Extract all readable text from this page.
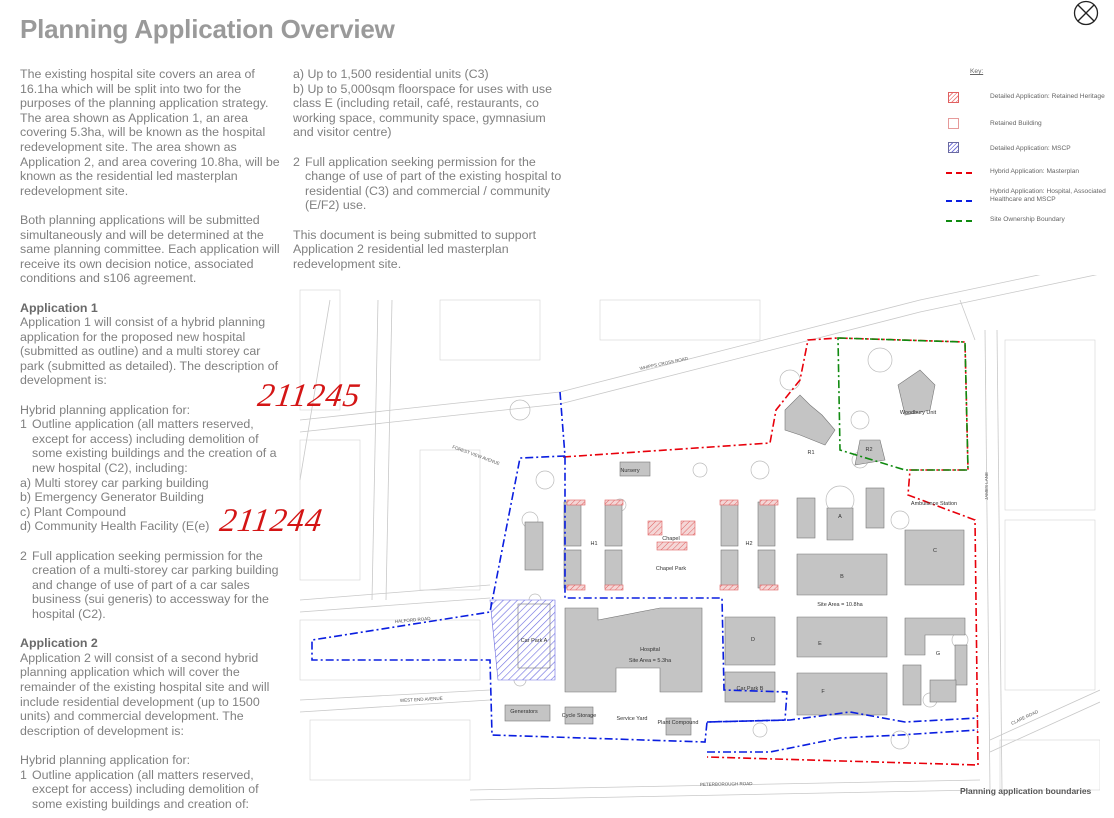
Planning Application Overview

The existing hospital site covers an area of 16.1ha which will be split into two for the purposes of the planning application strategy. The area shown as Application 1, an area covering 5.3ha, will be known as the hospital redevelopment site. The area shown as Application 2, and area covering 10.8ha, will be known as the residential led masterplan redevelopment site.

Both planning applications will be submitted simultaneously and will be determined at the same planning committee. Each application will receive its own decision notice, associated conditions and s106 agreement.

Application 1

Application 1 will consist of a hybrid planning application for the proposed new hospital (submitted as outline) and a multi storey car park (submitted as detailed). The description of development is:

Hybrid planning application for:
1 Outline application (all matters reserved, except for access) including demolition of some existing buildings and the creation of a new hospital (C2), including:
a) Multi storey car parking building
b) Emergency Generator Building
c) Plant Compound
d) Community Health Facility (E(e)
2 Full application seeking permission for the creation of a multi-storey car parking building and change of use of part of a car sales business (sui generis) to accessway for the hospital (C2).
Application 2

Application 2 will consist of a second hybrid planning application which will cover the remainder of the existing hospital site and will include residential development (up to 1500 units) and commercial development. The description of development is:

Hybrid planning application for:
1 Outline application (all matters reserved, except for access) including demolition of some existing buildings and creation of:
a) Up to 1,500 residential units (C3)
b) Up to 5,000sqm floorspace for uses with use class E (including retail, café, restaurants, co working space, community space, gymnasium and visitor centre)
2 Full application seeking permission for the change of use of part of the existing hospital to residential (C3) and commercial / community (E/F2) use.

This document is being submitted to support Application 2 residential led masterplan redevelopment site.

Key:
Detailed Application: Retained Heritage
Retained Building
Detailed Application: MSCP
Hybrid Application: Masterplan
Hybrid Application: Hospital, Associated Healthcare and MSCP
Site Ownership Boundary
Nursery
H1	H2
Chapel
Chapel Park
Hospital
Site Area = 5.3ha
Site Area = 10.8ha
Car Park A
Car Park B
Generators
Cycle Storage	Service Yard
Plant Compound
A
B
C
D
E
F
G
R1	R2
Ambulance Station
Woodbury Unit
WHIPPS CROSS ROAD
FOREST VIEW AVENUE
HALFORD ROAD
WEST END AVENUE
PETERBOROUGH ROAD
CLARE ROAD
JAMES LANE
211245
211244
Planning application boundaries
